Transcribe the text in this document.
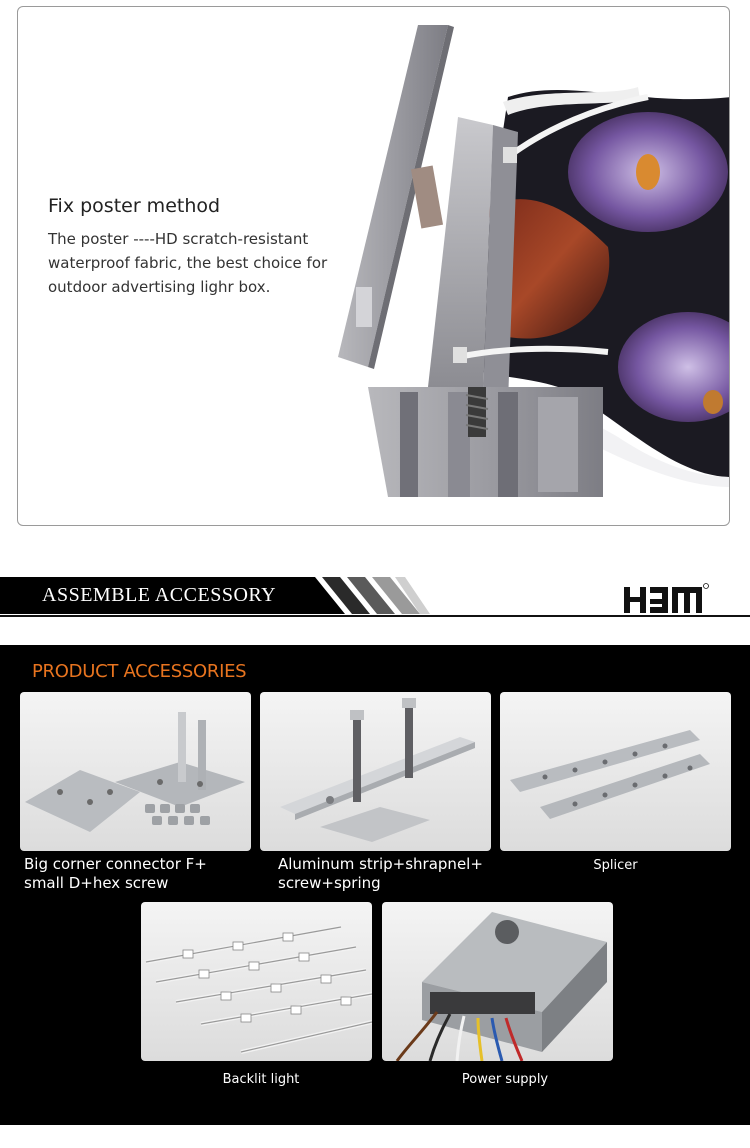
Fix poster method
The poster ----HD scratch-resistant
waterproof fabric, the best choice for
outdoor advertising lighr box.
ASSEMBLE ACCESSORY
PRODUCT ACCESSORIES
Big corner connector F+
small D+hex screw
Aluminum strip+shrapnel+
screw+spring
Splicer
Backlit light	Power supply
